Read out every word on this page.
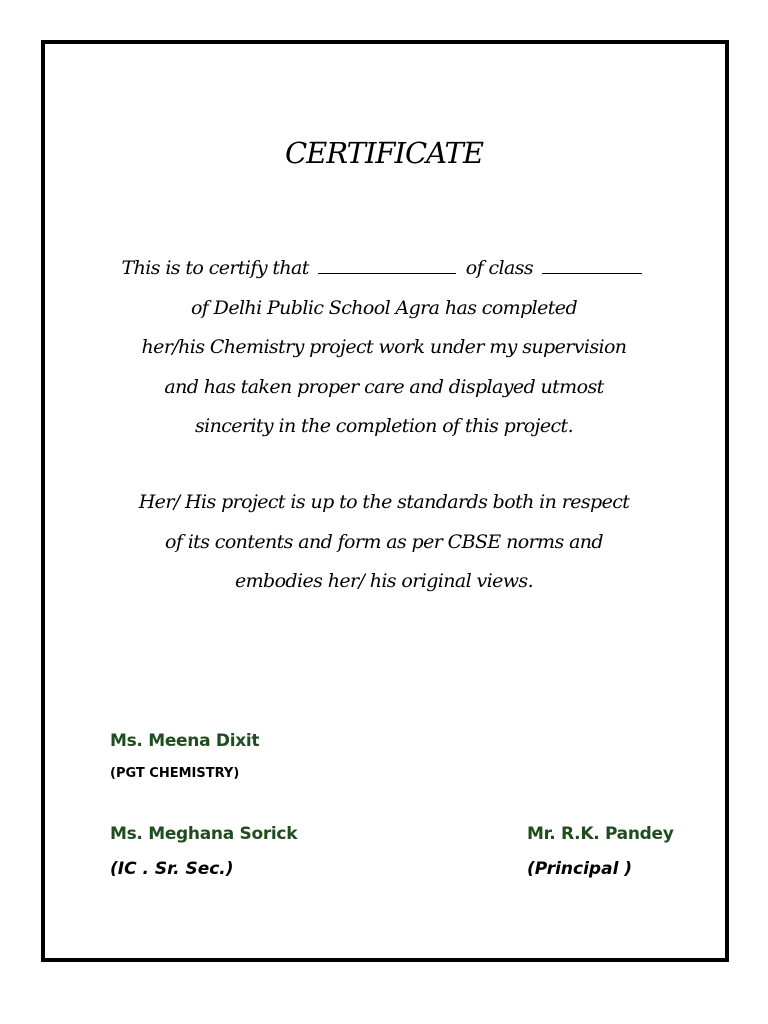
CERTIFICATE
This is to certify that	of class
of Delhi Public School Agra has completed
her/his Chemistry project work under my supervision
and has taken proper care and displayed utmost
sincerity in the completion of this project.
Her/ His project is up to the standards both in respect
of its contents and form as per CBSE norms and
embodies her/ his original views.
Ms. Meena Dixit
(PGT CHEMISTRY)
Ms. Meghana Sorick
(IC . Sr. Sec.)
Mr. R.K. Pandey
(Principal )
